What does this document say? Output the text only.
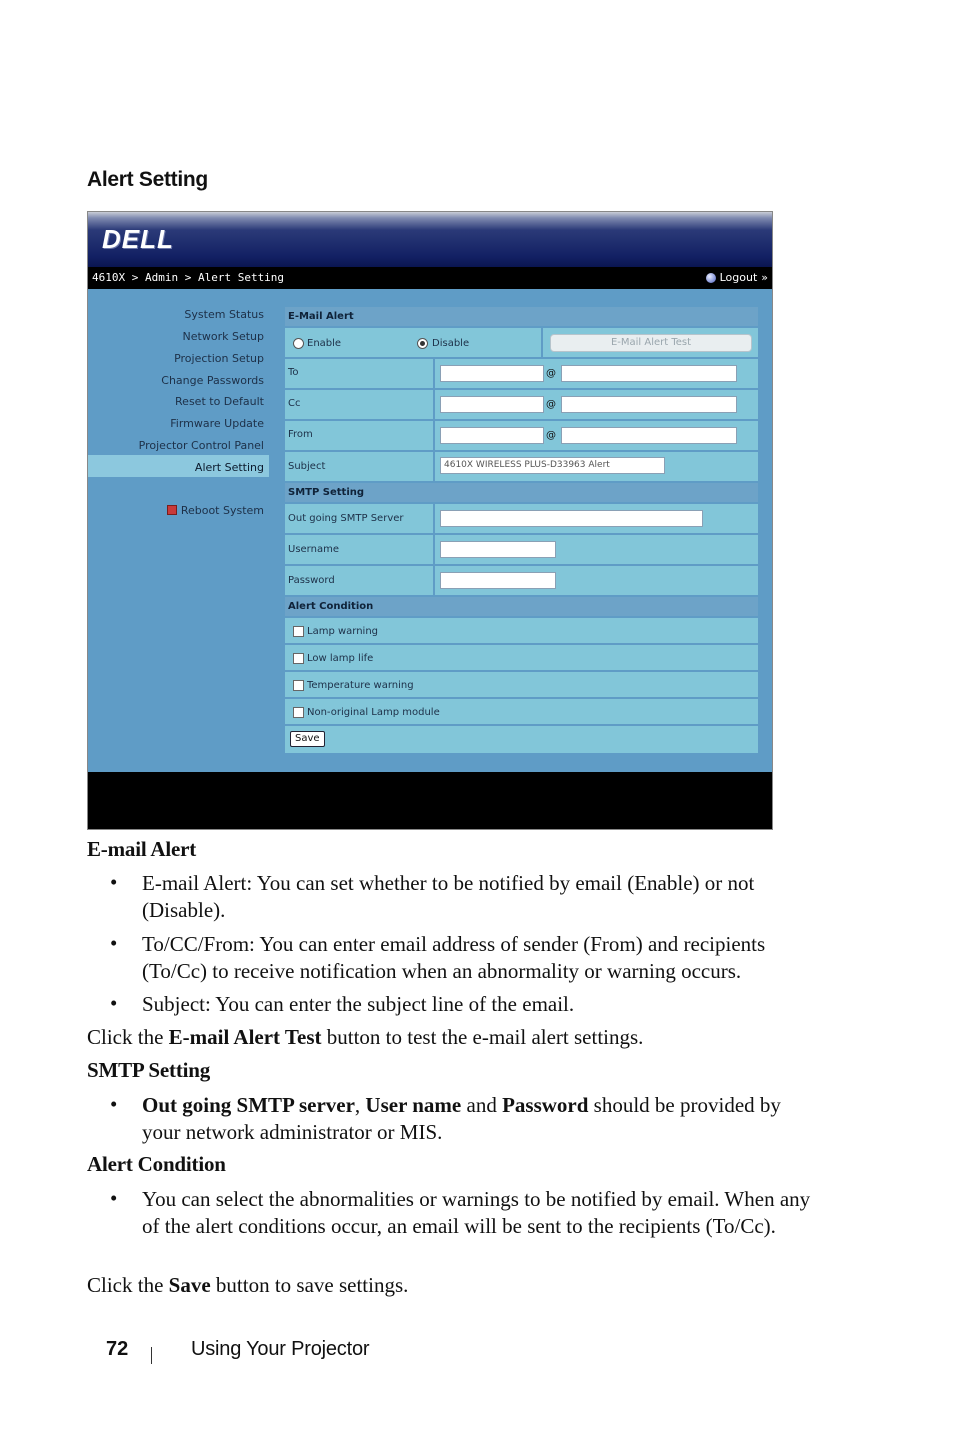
Alert Setting
DELL
4610X > Admin > Alert Setting	Logout »
System Status
Network Setup
Projection Setup
Change Passwords
Reset to Default
Firmware Update
Projector Control Panel
Alert Setting
Reboot System
E-Mail Alert
Enable	Disable	E-Mail Alert Test
To	@
Cc	@
From	@
Subject	4610X WIRELESS PLUS-D33963 Alert
SMTP Setting
Out going SMTP Server
Username
Password
Alert Condition
Lamp warning
Low lamp life
Temperature warning
Non-original Lamp module
Save
E-mail Alert
• E-mail Alert: You can set whether to be notified by email (Enable) or not (Disable).
• To/CC/From: You can enter email address of sender (From) and recipients (To/Cc) to receive notification when an abnormality or warning occurs.
• Subject: You can enter the subject line of the email.
Click the E-mail Alert Test button to test the e-mail alert settings.
SMTP Setting
• Out going SMTP server, User name and Password should be provided by your network administrator or MIS.
Alert Condition
• You can select the abnormalities or warnings to be notified by email. When any of the alert conditions occur, an email will be sent to the recipients (To/Cc).
Click the Save button to save settings.
72	Using Your Projector
